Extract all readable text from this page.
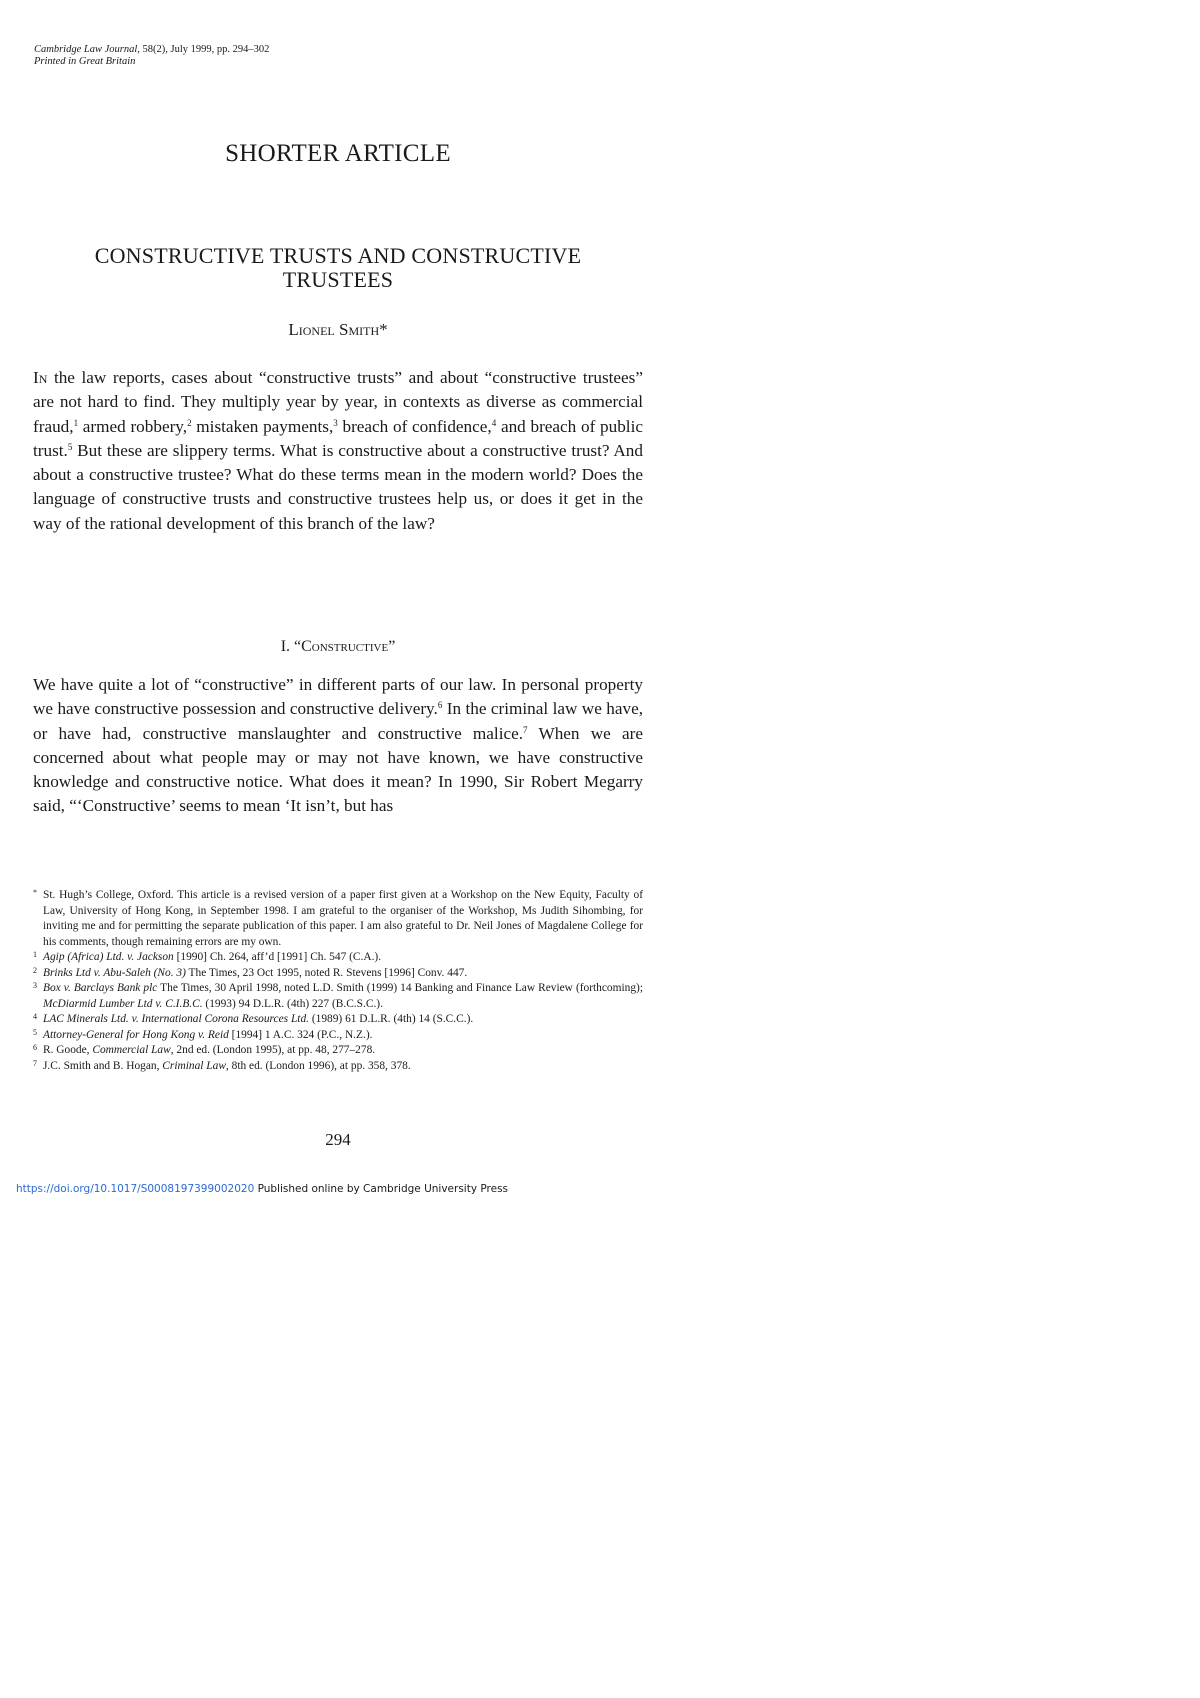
Cambridge Law Journal, 58(2), July 1999, pp. 294–302
Printed in Great Britain
SHORTER ARTICLE
CONSTRUCTIVE TRUSTS AND CONSTRUCTIVE TRUSTEES
Lionel Smith*
In the law reports, cases about “constructive trusts” and about “constructive trustees” are not hard to find. They multiply year by year, in contexts as diverse as commercial fraud,$^1$ armed robbery,$^2$ mistaken payments,$^3$ breach of confidence,$^4$ and breach of public trust.$^5$ But these are slippery terms. What is constructive about a constructive trust? And about a constructive trustee? What do these terms mean in the modern world? Does the language of constructive trusts and constructive trustees help us, or does it get in the way of the rational development of this branch of the law?
I. “Constructive”
We have quite a lot of “constructive” in different parts of our law. In personal property we have constructive possession and constructive delivery.$^6$ In the criminal law we have, or have had, constructive manslaughter and constructive malice.$^7$ When we are concerned about what people may or may not have known, we have constructive knowledge and constructive notice. What does it mean? In 1990, Sir Robert Megarry said, “‘Constructive’ seems to mean ‘It isn’t, but has

* St. Hugh’s College, Oxford. This article is a revised version of a paper first given at a Workshop on the New Equity, Faculty of Law, University of Hong Kong, in September 1998. I am grateful to the organiser of the Workshop, Ms Judith Sihombing, for inviting me and for permitting the separate publication of this paper. I am also grateful to Dr. Neil Jones of Magdalene College for his comments, though remaining errors are my own.

1 Agip (Africa) Ltd. v. Jackson [1990] Ch. 264, aff’d [1991] Ch. 547 (C.A.).

2 Brinks Ltd v. Abu-Saleh (No. 3) The Times, 23 Oct 1995, noted R. Stevens [1996] Conv. 447.

3 Box v. Barclays Bank plc The Times, 30 April 1998, noted L.D. Smith (1999) 14 Banking and Finance Law Review (forthcoming); McDiarmid Lumber Ltd v. C.I.B.C. (1993) 94 D.L.R. (4th) 227 (B.C.S.C.).

4 LAC Minerals Ltd. v. International Corona Resources Ltd. (1989) 61 D.L.R. (4th) 14 (S.C.C.).

5 Attorney-General for Hong Kong v. Reid [1994] 1 A.C. 324 (P.C., N.Z.).

6 R. Goode, Commercial Law, 2nd ed. (London 1995), at pp. 48, 277–278.

7 J.C. Smith and B. Hogan, Criminal Law, 8th ed. (London 1996), at pp. 358, 378.

294
https://doi.org/10.1017/S0008197399002020 Published online by Cambridge University Press
